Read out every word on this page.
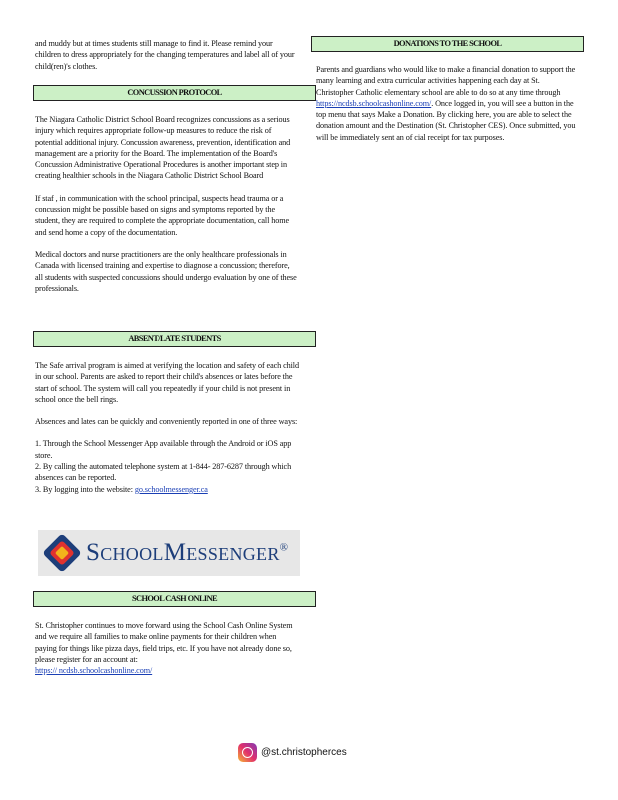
and muddy but at times students still manage to find it. Please remind your children to dress appropriately for the changing temperatures and label all of your child(ren)'s clothes.

CONCUSSION PROTOCOL

The Niagara Catholic District School Board recognizes concussions as a serious injury which requires appropriate follow-up measures to reduce the risk of potential additional injury. Concussion awareness, prevention, identification and management are a priority for the Board. The implementation of the Board's Concussion Administrative Operational Procedures is another important step in creating healthier schools in the Niagara Catholic District School Board

If staf , in communication with the school principal, suspects head trauma or a concussion might be possible based on signs and symptoms reported by the student, they are required to complete the appropriate documentation, call home and send home a copy of the documentation.

Medical doctors and nurse practitioners are the only healthcare professionals in Canada with licensed training and expertise to diagnose a concussion; therefore, all students with suspected concussions should undergo evaluation by one of these professionals.

ABSENT/LATE STUDENTS

The Safe arrival program is aimed at verifying the location and safety of each child in our school. Parents are asked to report their child's absences or lates before the start of school. The system will call you repeatedly if your child is not present in school once the bell rings.

Absences and lates can be quickly and conveniently reported in one of three ways:

1. Through the School Messenger App available through the Android or iOS app store.

2. By calling the automated telephone system at 1-844- 287-6287 through which absences can be reported.

3. By logging into the website: go.schoolmessenger.ca

SchoolMessenger®
SCHOOL CASH ONLINE

St. Christopher continues to move forward using the School Cash Online System and we require all families to make online payments for their children when paying for things like pizza days, field trips, etc. If you have not already done so, please register for an account at:

https:// ncdsb.schoolcashonline.com/

DONATIONS TO THE SCHOOL

Parents and guardians who would like to make a financial donation to support the many learning and extra curricular activities happening each day at St. Christopher Catholic elementary school are able to do so at any time through https://ncdsb.schoolcashonline.com/. Once logged in, you will see a button in the top menu that says Make a Donation. By clicking here, you are able to select the donation amount and the Destination (St. Christopher CES). Once submitted, you will be immediately sent an of cial receipt for tax purposes.

@st.christopherces
